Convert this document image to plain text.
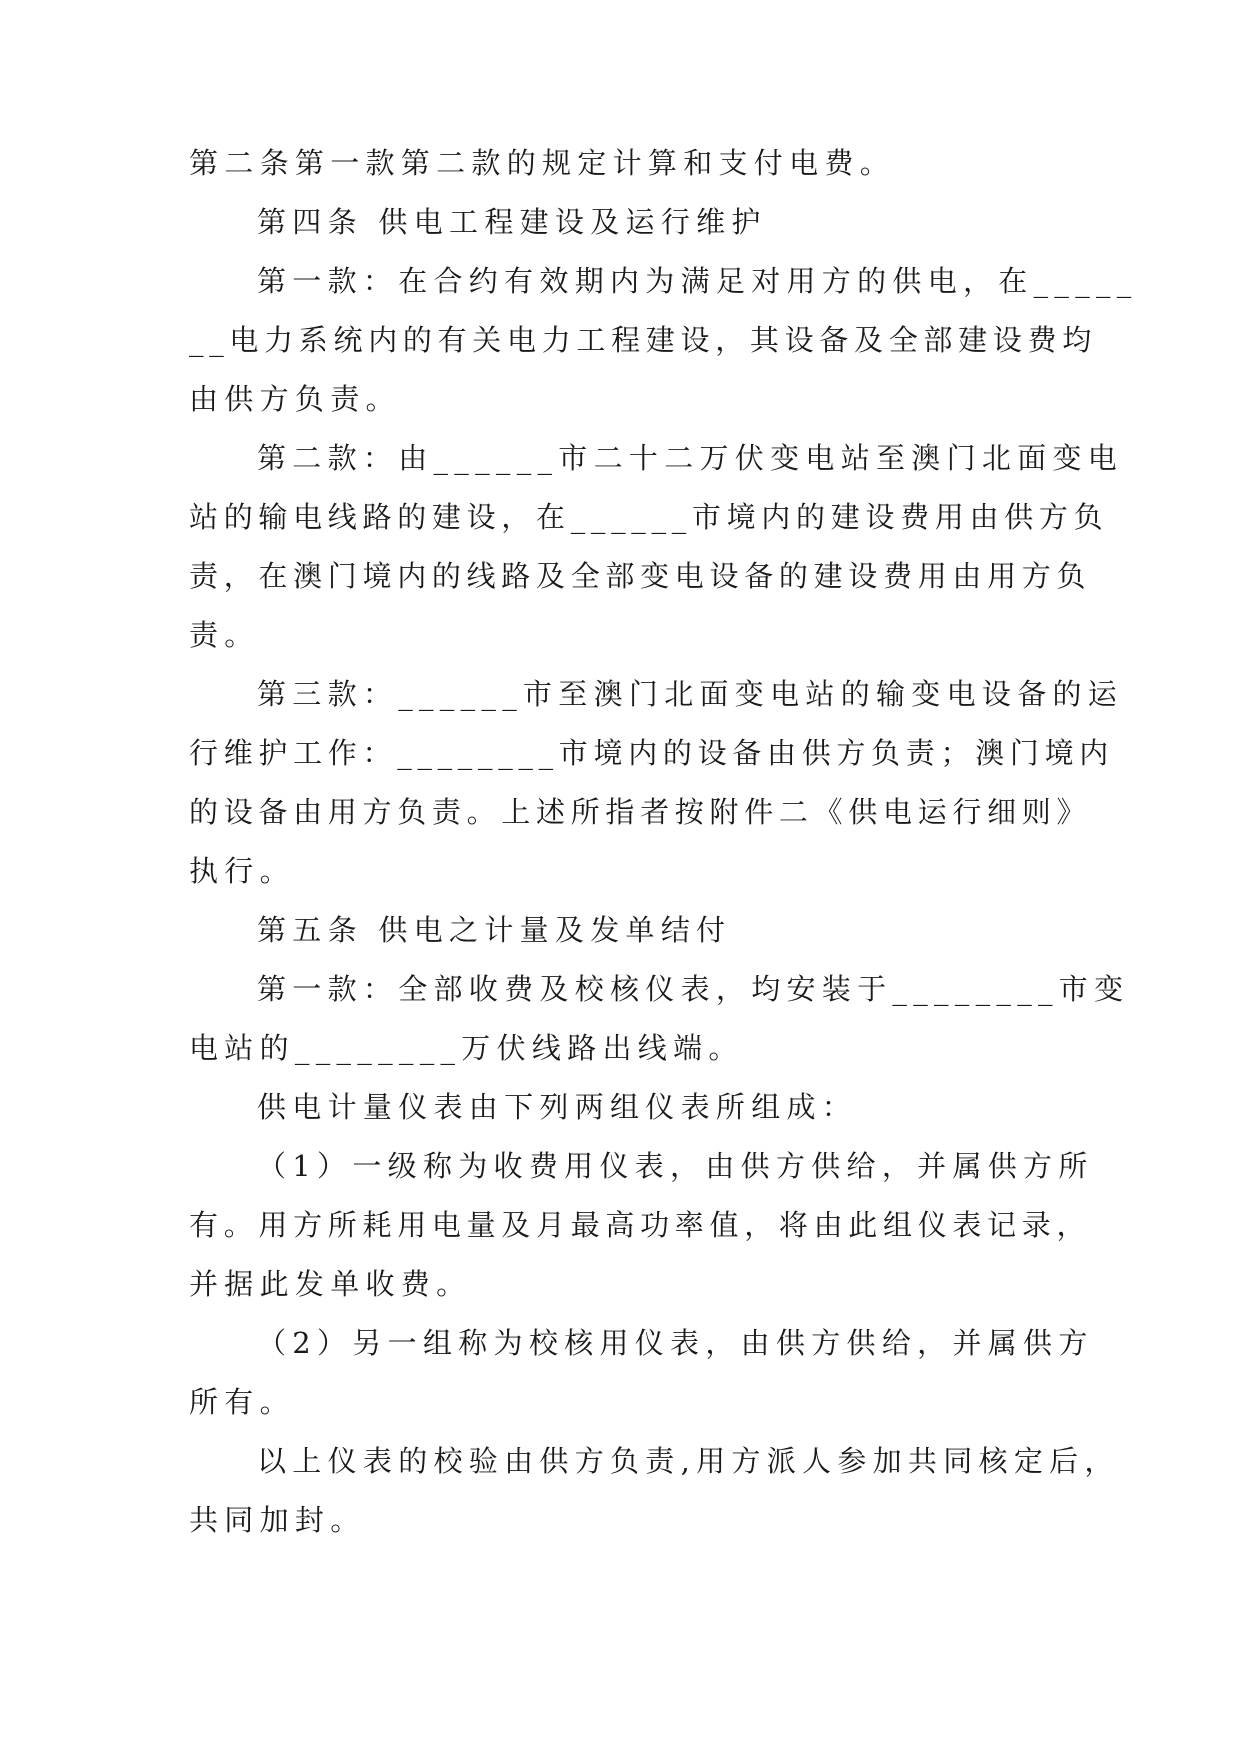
第二条第一款第二款的规定计算和支付电费。
第四条 供电工程建设及运行维护
第一款：在合约有效期内为满足对用方的供电，在_____
__电力系统内的有关电力工程建设，其设备及全部建设费均
由供方负责。
第二款：由______市二十二万伏变电站至澳门北面变电
站的输电线路的建设，在______市境内的建设费用由供方负
责，在澳门境内的线路及全部变电设备的建设费用由用方负
责。
第三款：______市至澳门北面变电站的输变电设备的运
行维护工作：________市境内的设备由供方负责；澳门境内
的设备由用方负责。上述所指者按附件二《供电运行细则》
执行。
第五条 供电之计量及发单结付
第一款：全部收费及校核仪表，均安装于________市变
电站的________万伏线路出线端。
供电计量仪表由下列两组仪表所组成：
（1）一级称为收费用仪表，由供方供给，并属供方所
有。用方所耗用电量及月最高功率值，将由此组仪表记录，
并据此发单收费。
（2）另一组称为校核用仪表，由供方供给，并属供方
所有。
以上仪表的校验由供方负责,用方派人参加共同核定后，
共同加封。
